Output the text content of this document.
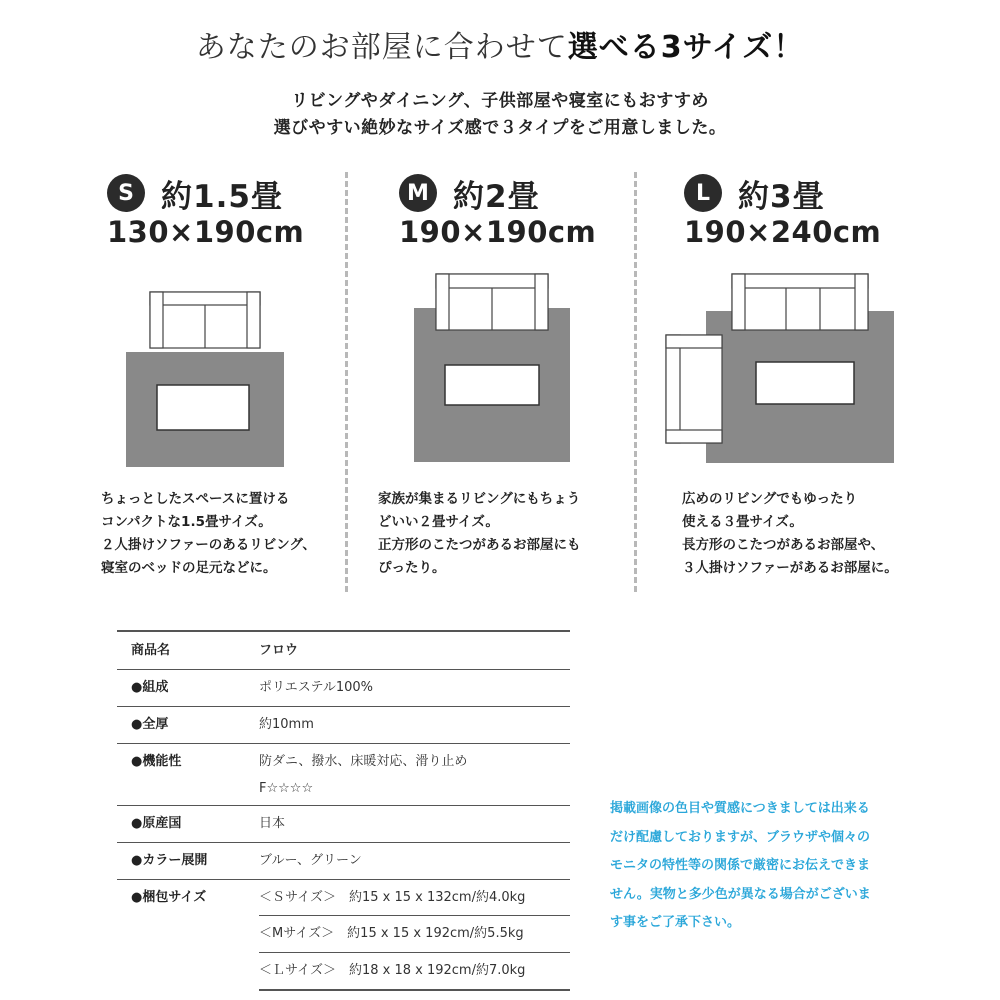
あなたのお部屋に合わせて選べる3サイズ！
リビングやダイニング、子供部屋や寝室にもおすすめ
選びやすい絶妙なサイズ感で３タイプをご用意しました。
S 約1.5畳
130×190cm
ちょっとしたスペースに置ける
コンパクトな1.5畳サイズ。
２人掛けソファーのあるリビング、
寝室のベッドの足元などに。
M 約2畳
190×190cm
家族が集まるリビングにもちょう
どいい２畳サイズ。
正方形のこたつがあるお部屋にも
ぴったり。
L 約3畳
190×240cm
広めのリビングでもゆったり
使える３畳サイズ。
長方形のこたつがあるお部屋や、
３人掛けソファーがあるお部屋に。
商品名	フロウ
●組成	ポリエステル100%
●全厚	約10mm
●機能性	防ダニ、撥水、床暖対応、滑り止め
F☆☆☆☆
●原産国	日本
●カラー展開	ブルー、グリーン
●梱包サイズ	＜Ｓサイズ＞　約15 x 15 x 132cm/約4.0kg
＜Mサイズ＞　約15 x 15 x 192cm/約5.5kg
＜Ｌサイズ＞　約18 x 18 x 192cm/約7.0kg
掲載画像の色目や質感につきましては出来る
だけ配慮しておりますが、ブラウザや個々の
モニタの特性等の関係で厳密にお伝えできま
せん。実物と多少色が異なる場合がございま
す事をご了承下さい。
